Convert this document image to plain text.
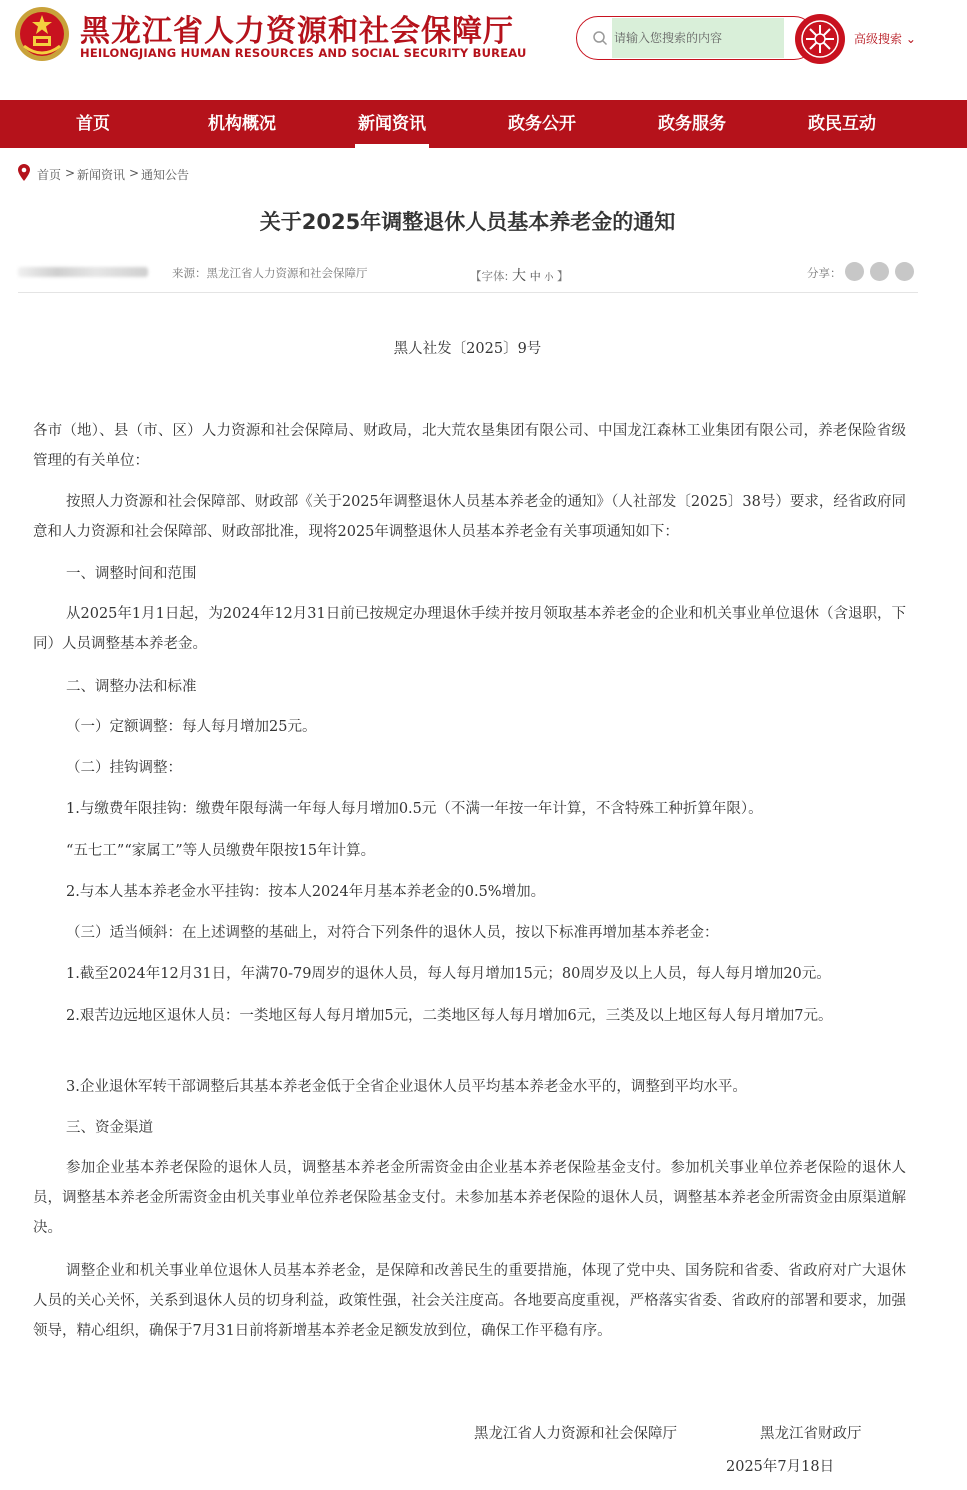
黑龙江省人力资源和社会保障厅
HEILONGJIANG HUMAN RESOURCES AND SOCIAL SECURITY BUREAU
请输入您搜索的内容
高级搜索 ⌄
首页	机构概况	新闻资讯	政务公开	政务服务	政民互动
首页 > 新闻资讯 > 通知公告
关于2025年调整退休人员基本养老金的通知
来源：黑龙江省人力资源和社会保障厅	【字体: 大 中 小 】	分享：
黑人社发〔2025〕9号
各市（地）、县（市、区）人力资源和社会保障局、财政局，北大荒农垦集团有限公司、中国龙江森林工业集团有限公司，养老保险省级管理的有关单位：
按照人力资源和社会保障部、财政部《关于2025年调整退休人员基本养老金的通知》（人社部发〔2025〕38号）要求，经省政府同意和人力资源和社会保障部、财政部批准，现将2025年调整退休人员基本养老金有关事项通知如下：
一、调整时间和范围
从2025年1月1日起，为2024年12月31日前已按规定办理退休手续并按月领取基本养老金的企业和机关事业单位退休（含退职，下同）人员调整基本养老金。
二、调整办法和标准
（一）定额调整：每人每月增加25元。
（二）挂钩调整：
1.与缴费年限挂钩：缴费年限每满一年每人每月增加0.5元（不满一年按一年计算，不含特殊工种折算年限）。
“五七工”“家属工”等人员缴费年限按15年计算。
2.与本人基本养老金水平挂钩：按本人2024年月基本养老金的0.5%增加。
（三）适当倾斜：在上述调整的基础上，对符合下列条件的退休人员，按以下标准再增加基本养老金：
1.截至2024年12月31日，年满70-79周岁的退休人员，每人每月增加15元；80周岁及以上人员，每人每月增加20元。
2.艰苦边远地区退休人员：一类地区每人每月增加5元，二类地区每人每月增加6元，三类及以上地区每人每月增加7元。
3.企业退休军转干部调整后其基本养老金低于全省企业退休人员平均基本养老金水平的，调整到平均水平。
三、资金渠道
参加企业基本养老保险的退休人员，调整基本养老金所需资金由企业基本养老保险基金支付。参加机关事业单位养老保险的退休人员，调整基本养老金所需资金由机关事业单位养老保险基金支付。未参加基本养老保险的退休人员，调整基本养老金所需资金由原渠道解决。
调整企业和机关事业单位退休人员基本养老金，是保障和改善民生的重要措施，体现了党中央、国务院和省委、省政府对广大退休人员的关心关怀，关系到退休人员的切身利益，政策性强，社会关注度高。各地要高度重视，严格落实省委、省政府的部署和要求，加强领导，精心组织，确保于7月31日前将新增基本养老金足额发放到位，确保工作平稳有序。
黑龙江省人力资源和社会保障厅	黑龙江省财政厅
2025年7月18日
